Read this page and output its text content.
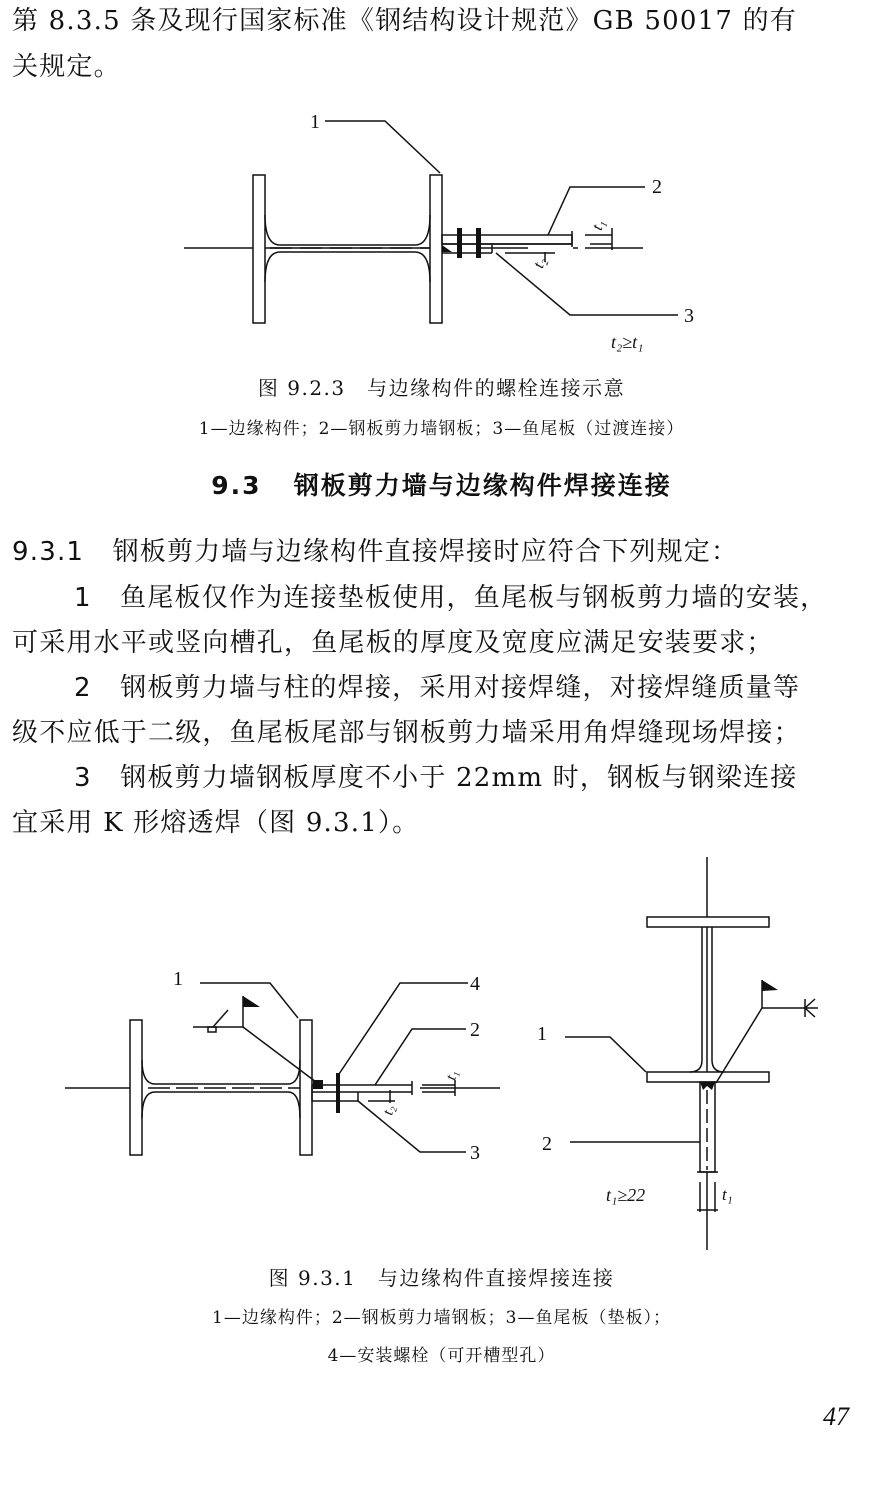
第 8.3.5 条及现行国家标准《钢结构设计规范》GB 50017 的有
关规定。
1
2
3
t₁
t₂
t₂≥t₁
图 9.2.3　与边缘构件的螺栓连接示意
1—边缘构件；2—钢板剪力墙钢板；3—鱼尾板（过渡连接）
9.3 钢板剪力墙与边缘构件焊接连接
9.3.1 钢板剪力墙与边缘构件直接焊接时应符合下列规定：
1 鱼尾板仅作为连接垫板使用，鱼尾板与钢板剪力墙的安装，
可采用水平或竖向槽孔，鱼尾板的厚度及宽度应满足安装要求；
2 钢板剪力墙与柱的焊接，采用对接焊缝，对接焊缝质量等
级不应低于二级，鱼尾板尾部与钢板剪力墙采用角焊缝现场焊接；
3 钢板剪力墙钢板厚度不小于 22mm 时，钢板与钢梁连接
宜采用 K 形熔透焊（图 9.3.1）。
1	4
2
3
t₁
t₂
1
2
t₁≥22	t₁
图 9.3.1　与边缘构件直接焊接连接
1—边缘构件；2—钢板剪力墙钢板；3—鱼尾板（垫板）；
4—安装螺栓（可开槽型孔）
47
